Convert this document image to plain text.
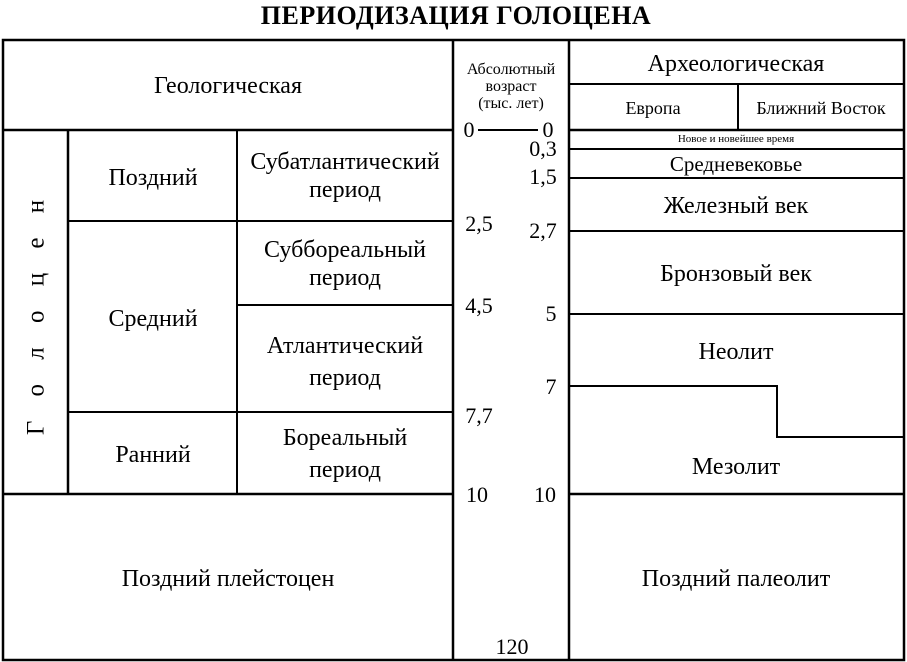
ПЕРИОДИЗАЦИЯ ГОЛОЦЕНА
Геологическая
Абсолютный
возраст
(тыс. лет)
Археологическая
Европа	Ближний Восток
Г о л о ц е н
Поздний
Средний
Ранний
Субатлантический
период
Суббореальный
период
Атлантический
период
Бореальный
период
0
2,5
4,5
7,7
10
120
0
0,3
1,5
2,7
5
7
10
Новое и новейшее время
Средневековье
Железный век
Бронзовый век
Неолит
Мезолит
Поздний плейстоцен	Поздний палеолит
